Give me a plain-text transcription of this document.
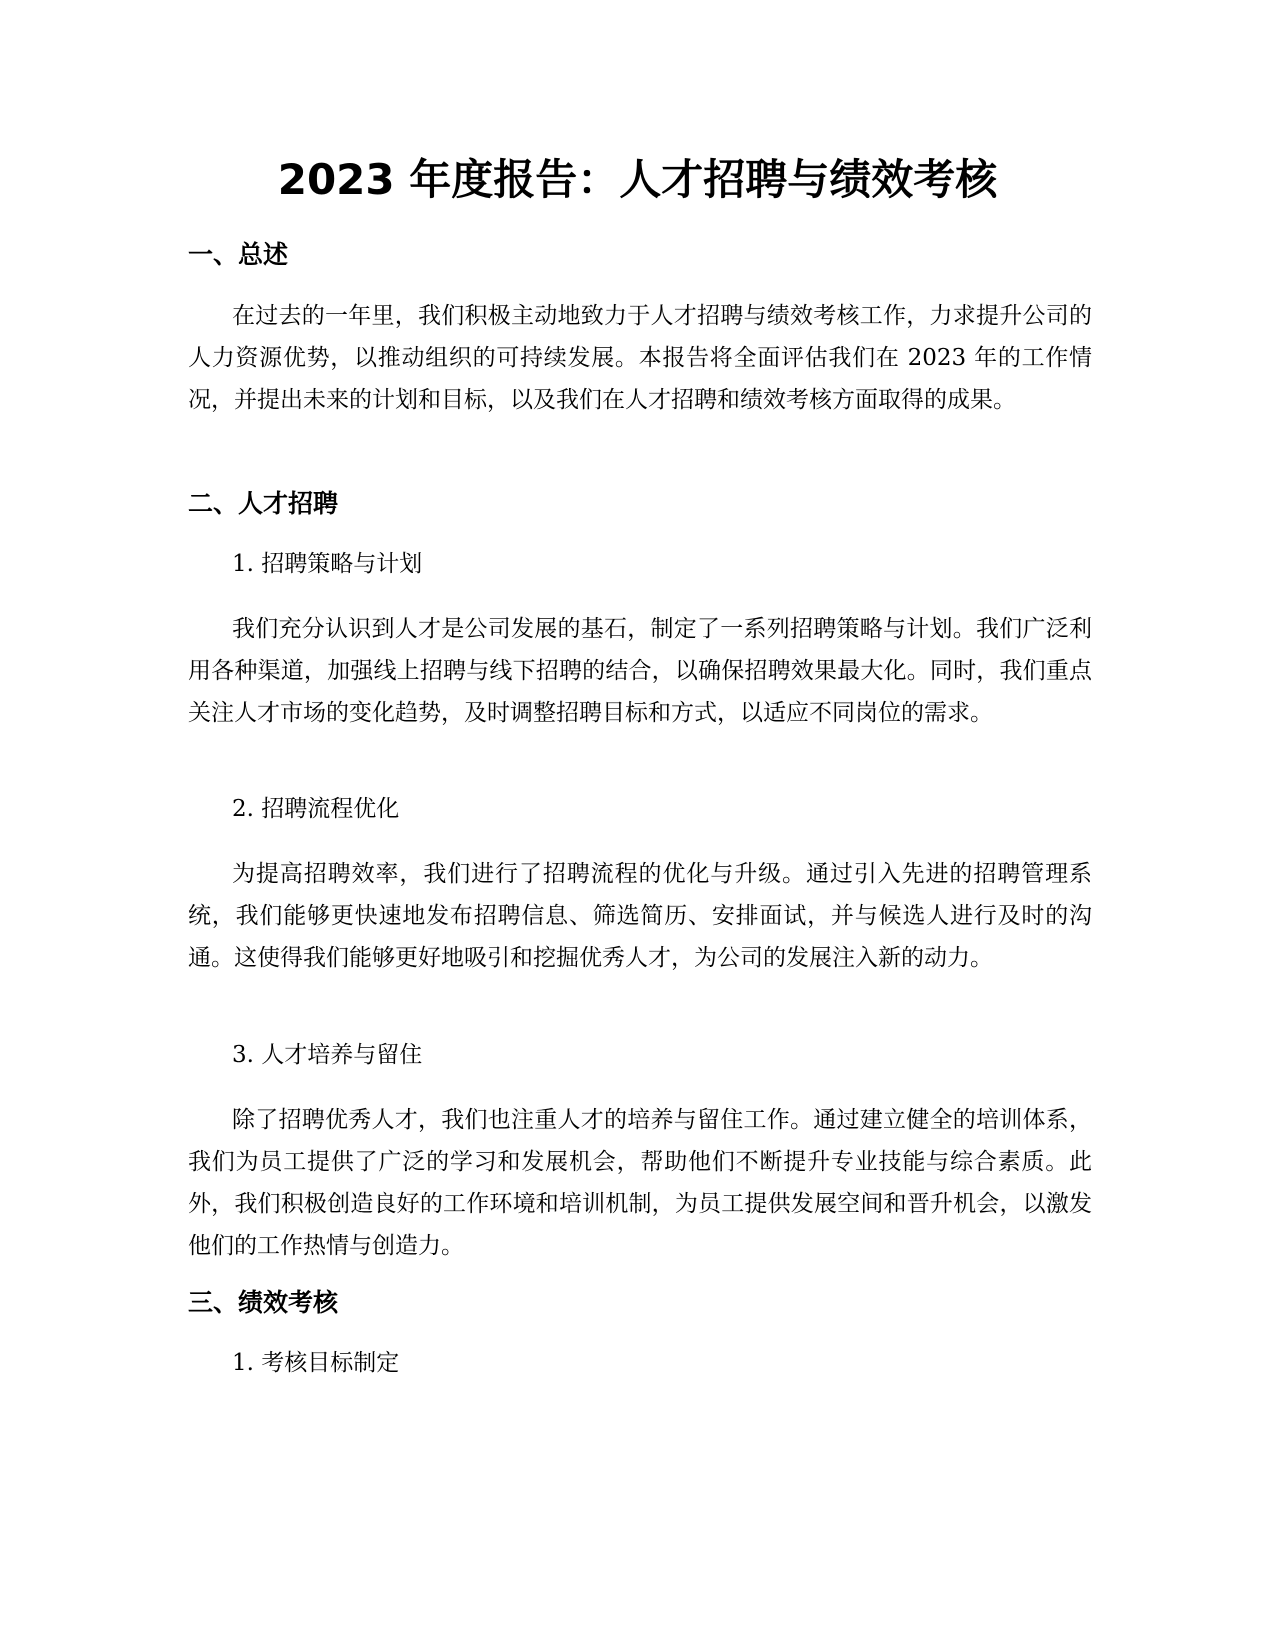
2023 年度报告：人才招聘与绩效考核
一、总述

在过去的一年里，我们积极主动地致力于人才招聘与绩效考核工作，力求提升公司的人力资源优势，以推动组织的可持续发展。本报告将全面评估我们在 2023 年的工作情况，并提出未来的计划和目标，以及我们在人才招聘和绩效考核方面取得的成果。

二、人才招聘
1. 招聘策略与计划

我们充分认识到人才是公司发展的基石，制定了一系列招聘策略与计划。我们广泛利用各种渠道，加强线上招聘与线下招聘的结合，以确保招聘效果最大化。同时，我们重点关注人才市场的变化趋势，及时调整招聘目标和方式，以适应不同岗位的需求。

2. 招聘流程优化

为提高招聘效率，我们进行了招聘流程的优化与升级。通过引入先进的招聘管理系统，我们能够更快速地发布招聘信息、筛选简历、安排面试，并与候选人进行及时的沟通。这使得我们能够更好地吸引和挖掘优秀人才，为公司的发展注入新的动力。

3. 人才培养与留住

除了招聘优秀人才，我们也注重人才的培养与留住工作。通过建立健全的培训体系，我们为员工提供了广泛的学习和发展机会，帮助他们不断提升专业技能与综合素质。此外，我们积极创造良好的工作环境和培训机制，为员工提供发展空间和晋升机会，以激发他们的工作热情与创造力。

三、绩效考核
1. 考核目标制定
